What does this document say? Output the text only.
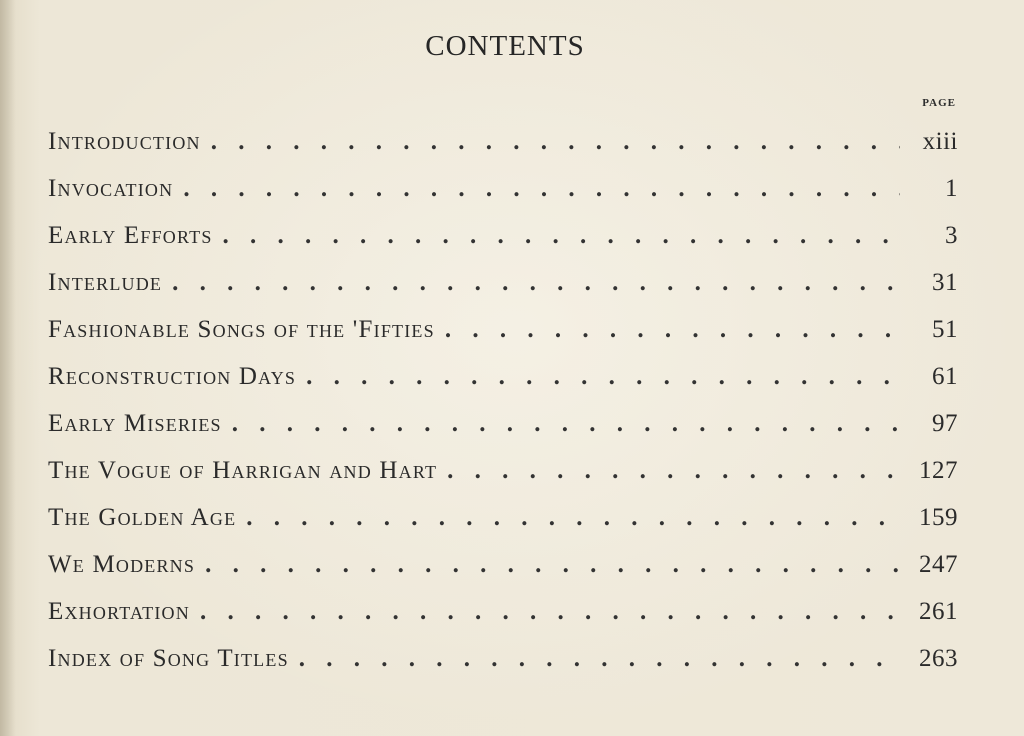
CONTENTS
PAGE
Introduction . . .	xiii
Invocation . . .	1
Early Efforts . . .	3
Interlude . . .	31
Fashionable Songs of the 'Fifties . . .	51
Reconstruction Days . . .	61
Early Miseries . . .	97
The Vogue of Harrigan and Hart . . .	127
The Golden Age . . .	159
We Moderns . . .	247
Exhortation . . .	261
Index of Song Titles . . .	263
